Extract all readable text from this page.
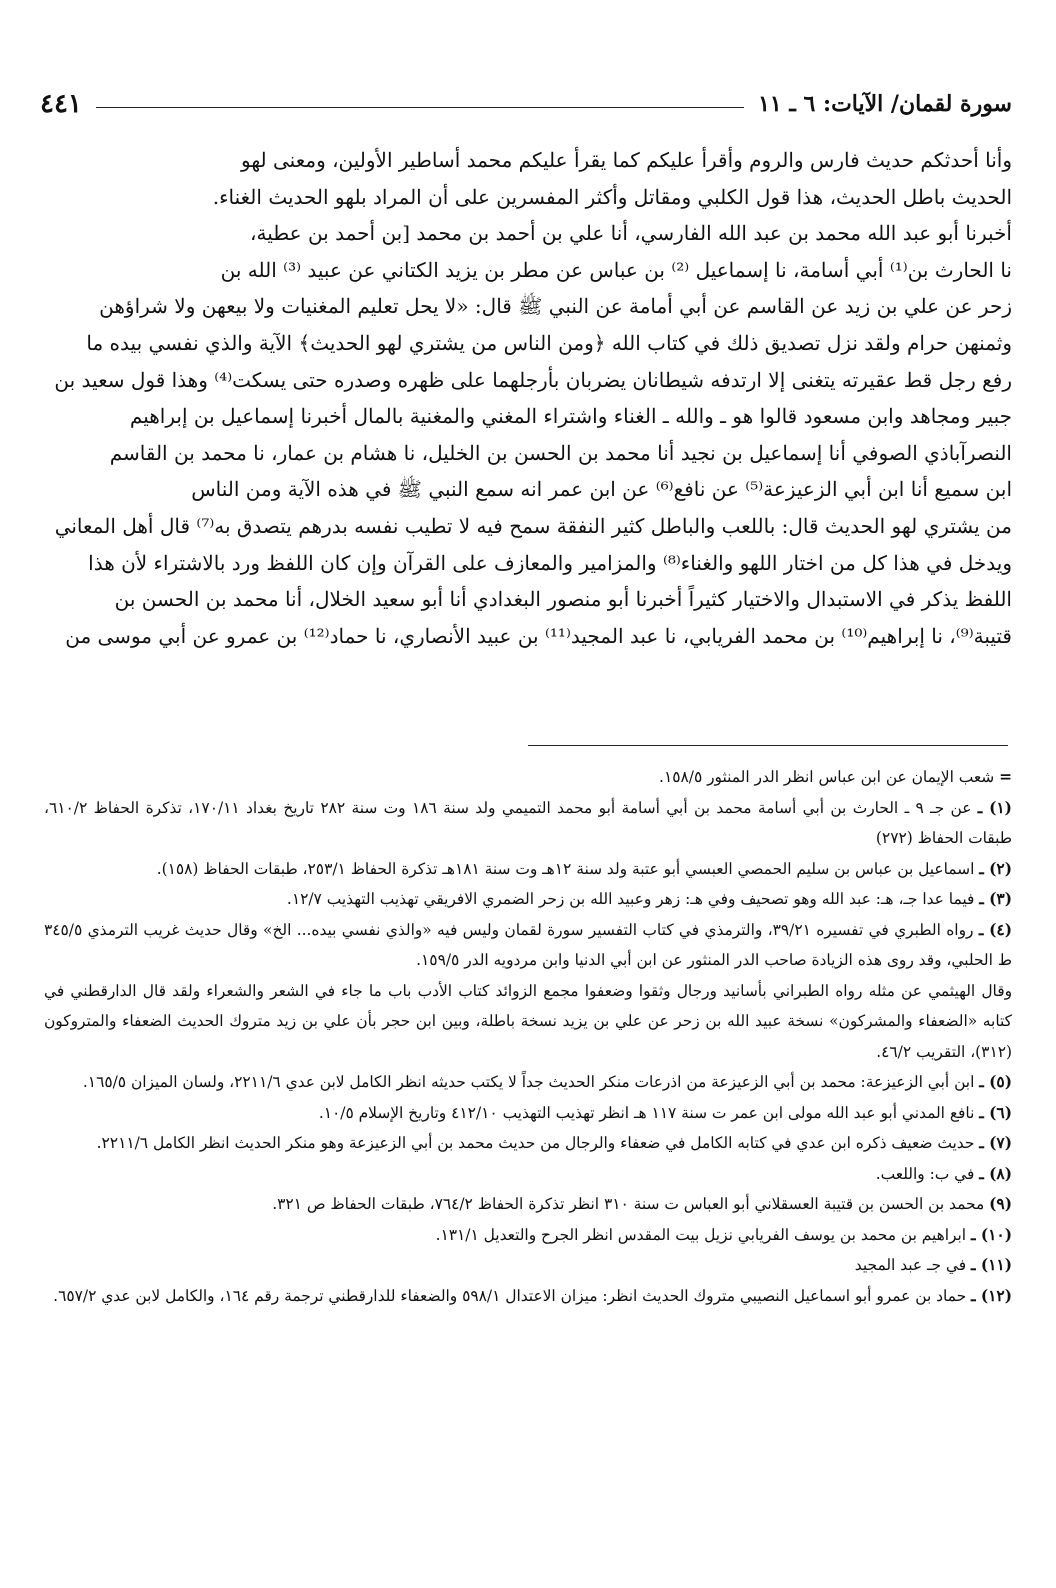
سورة لقمان/ الآيات: ٦ ـ ١١
٤٤١

وأنا أحدثكم حديث فارس والروم وأقرأ عليكم كما يقرأ عليكم محمد أساطير الأولين، ومعنى لهو

الحديث باطل الحديث، هذا قول الكلبي ومقاتل وأكثر المفسرين على أن المراد بلهو الحديث الغناء.

أخبرنا أبو عبد الله محمد بن عبد الله الفارسي، أنا علي بن أحمد بن محمد [بن أحمد بن عطية،

نا الحارث بن⁽¹⁾ أبي أسامة، نا إسماعيل ⁽²⁾ بن عباس عن مطر بن يزيد الكتاني عن عبيد ⁽³⁾ الله بن

زحر عن علي بن زيد عن القاسم عن أبي أمامة عن النبي ﷺ قال: «لا يحل تعليم المغنيات ولا بيعهن ولا شراؤهن

وثمنهن حرام ولقد نزل تصديق ذلك في كتاب الله ﴿ومن الناس من يشتري لهو الحديث﴾ الآية والذي نفسي بيده ما

رفع رجل قط عقيرته يتغنى إلا ارتدفه شيطانان يضربان بأرجلهما على ظهره وصدره حتى يسكت⁽⁴⁾ وهذا قول سعيد بن

جبير ومجاهد وابن مسعود قالوا هو ـ والله ـ الغناء واشتراء المغني والمغنية بالمال أخبرنا إسماعيل بن إبراهيم

النصرآباذي الصوفي أنا إسماعيل بن نجيد أنا محمد بن الحسن بن الخليل، نا هشام بن عمار، نا محمد بن القاسم

ابن سميع أنا ابن أبي الزعيزعة⁽⁵⁾ عن نافع⁽⁶⁾ عن ابن عمر انه سمع النبي ﷺ في هذه الآية ومن الناس

من يشتري لهو الحديث قال: باللعب والباطل كثير النفقة سمح فيه لا تطيب نفسه بدرهم يتصدق به⁽⁷⁾ قال أهل المعاني

ويدخل في هذا كل من اختار اللهو والغناء⁽⁸⁾ والمزامير والمعازف على القرآن وإن كان اللفظ ورد بالاشتراء لأن هذا

اللفظ يذكر في الاستبدال والاختيار كثيراً أخبرنا أبو منصور البغدادي أنا أبو سعيد الخلال، أنا محمد بن الحسن بن

قتيبة⁽⁹⁾، نا إبراهيم⁽¹⁰⁾ بن محمد الفريابي، نا عبد المجيد⁽¹¹⁾ بن عبيد الأنصاري، نا حماد⁽¹²⁾ بن عمرو عن أبي موسى من

= شعب الإيمان عن ابن عباس انظر الدر المنثور ١٥٨/٥.

(١) ـ عن جـ ٩ ـ الحارث بن أبي أسامة محمد بن أبي أسامة أبو محمد التميمي ولد سنة ١٨٦ وت سنة ٢٨٢ تاريخ بغداد ١٧٠/١١، تذكرة الحفاظ ٦١٠/٢، طبقات الحفاظ (٢٧٢)

(٢) ـ اسماعيل بن عباس بن سليم الحمصي العبسي أبو عتبة ولد سنة ١٢هـ وت سنة ١٨١هـ تذكرة الحفاظ ٢٥٣/١، طبقات الحفاظ (١٥٨).

(٣) ـ فيما عدا جـ، هـ: عبد الله وهو تصحيف وفي هـ: زهر وعبيد الله بن زحر الضمري الافريقي تهذيب التهذيب ١٢/٧.

(٤) ـ رواه الطبري في تفسيره ٣٩/٢١، والترمذي في كتاب التفسير سورة لقمان وليس فيه «والذي نفسي بيده... الخ» وقال حديث غريب الترمذي ٣٤٥/٥ ط الحلبي، وقد روى هذه الزيادة صاحب الدر المنثور عن ابن أبي الدنيا وابن مردويه الدر ١٥٩/٥.

وقال الهيثمي عن مثله رواه الطبراني بأسانيد ورجال وثقوا وضعفوا مجمع الزوائد كتاب الأدب باب ما جاء في الشعر والشعراء ولقد قال الدارقطني في كتابه «الضعفاء والمشركون» نسخة عبيد الله بن زحر عن علي بن يزيد نسخة باطلة، وبين ابن حجر بأن علي بن زيد متروك الحديث الضعفاء والمتروكون (٣١٢)، التقريب ٤٦/٢.

(٥) ـ ابن أبي الزعيزعة: محمد بن أبي الزعيزعة من اذرعات منكر الحديث جداً لا يكتب حديثه انظر الكامل لابن عدي ٢٢١١/٦، ولسان الميزان ١٦٥/٥.

(٦) ـ نافع المدني أبو عبد الله مولى ابن عمر ت سنة ١١٧ هـ انظر تهذيب التهذيب ٤١٢/١٠ وتاريخ الإسلام ١٠/٥.

(٧) ـ حديث ضعيف ذكره ابن عدي في كتابه الكامل في ضعفاء والرجال من حديث محمد بن أبي الزعيزعة وهو منكر الحديث انظر الكامل ٢٢١١/٦.

(٨) ـ في ب: واللعب.

(٩) محمد بن الحسن بن قتيبة العسقلاني أبو العباس ت سنة ٣١٠ انظر تذكرة الحفاظ ٧٦٤/٢، طبقات الحفاظ ص ٣٢١.

(١٠) ـ ابراهيم بن محمد بن يوسف الفريابي نزيل بيت المقدس انظر الجرح والتعديل ١٣١/١.

(١١) ـ في جـ عبد المجيد

(١٢) ـ حماد بن عمرو أبو اسماعيل النصيبي متروك الحديث انظر: ميزان الاعتدال ٥٩٨/١ والضعفاء للدارقطني ترجمة رقم ١٦٤، والكامل لابن عدي ٦٥٧/٢.
